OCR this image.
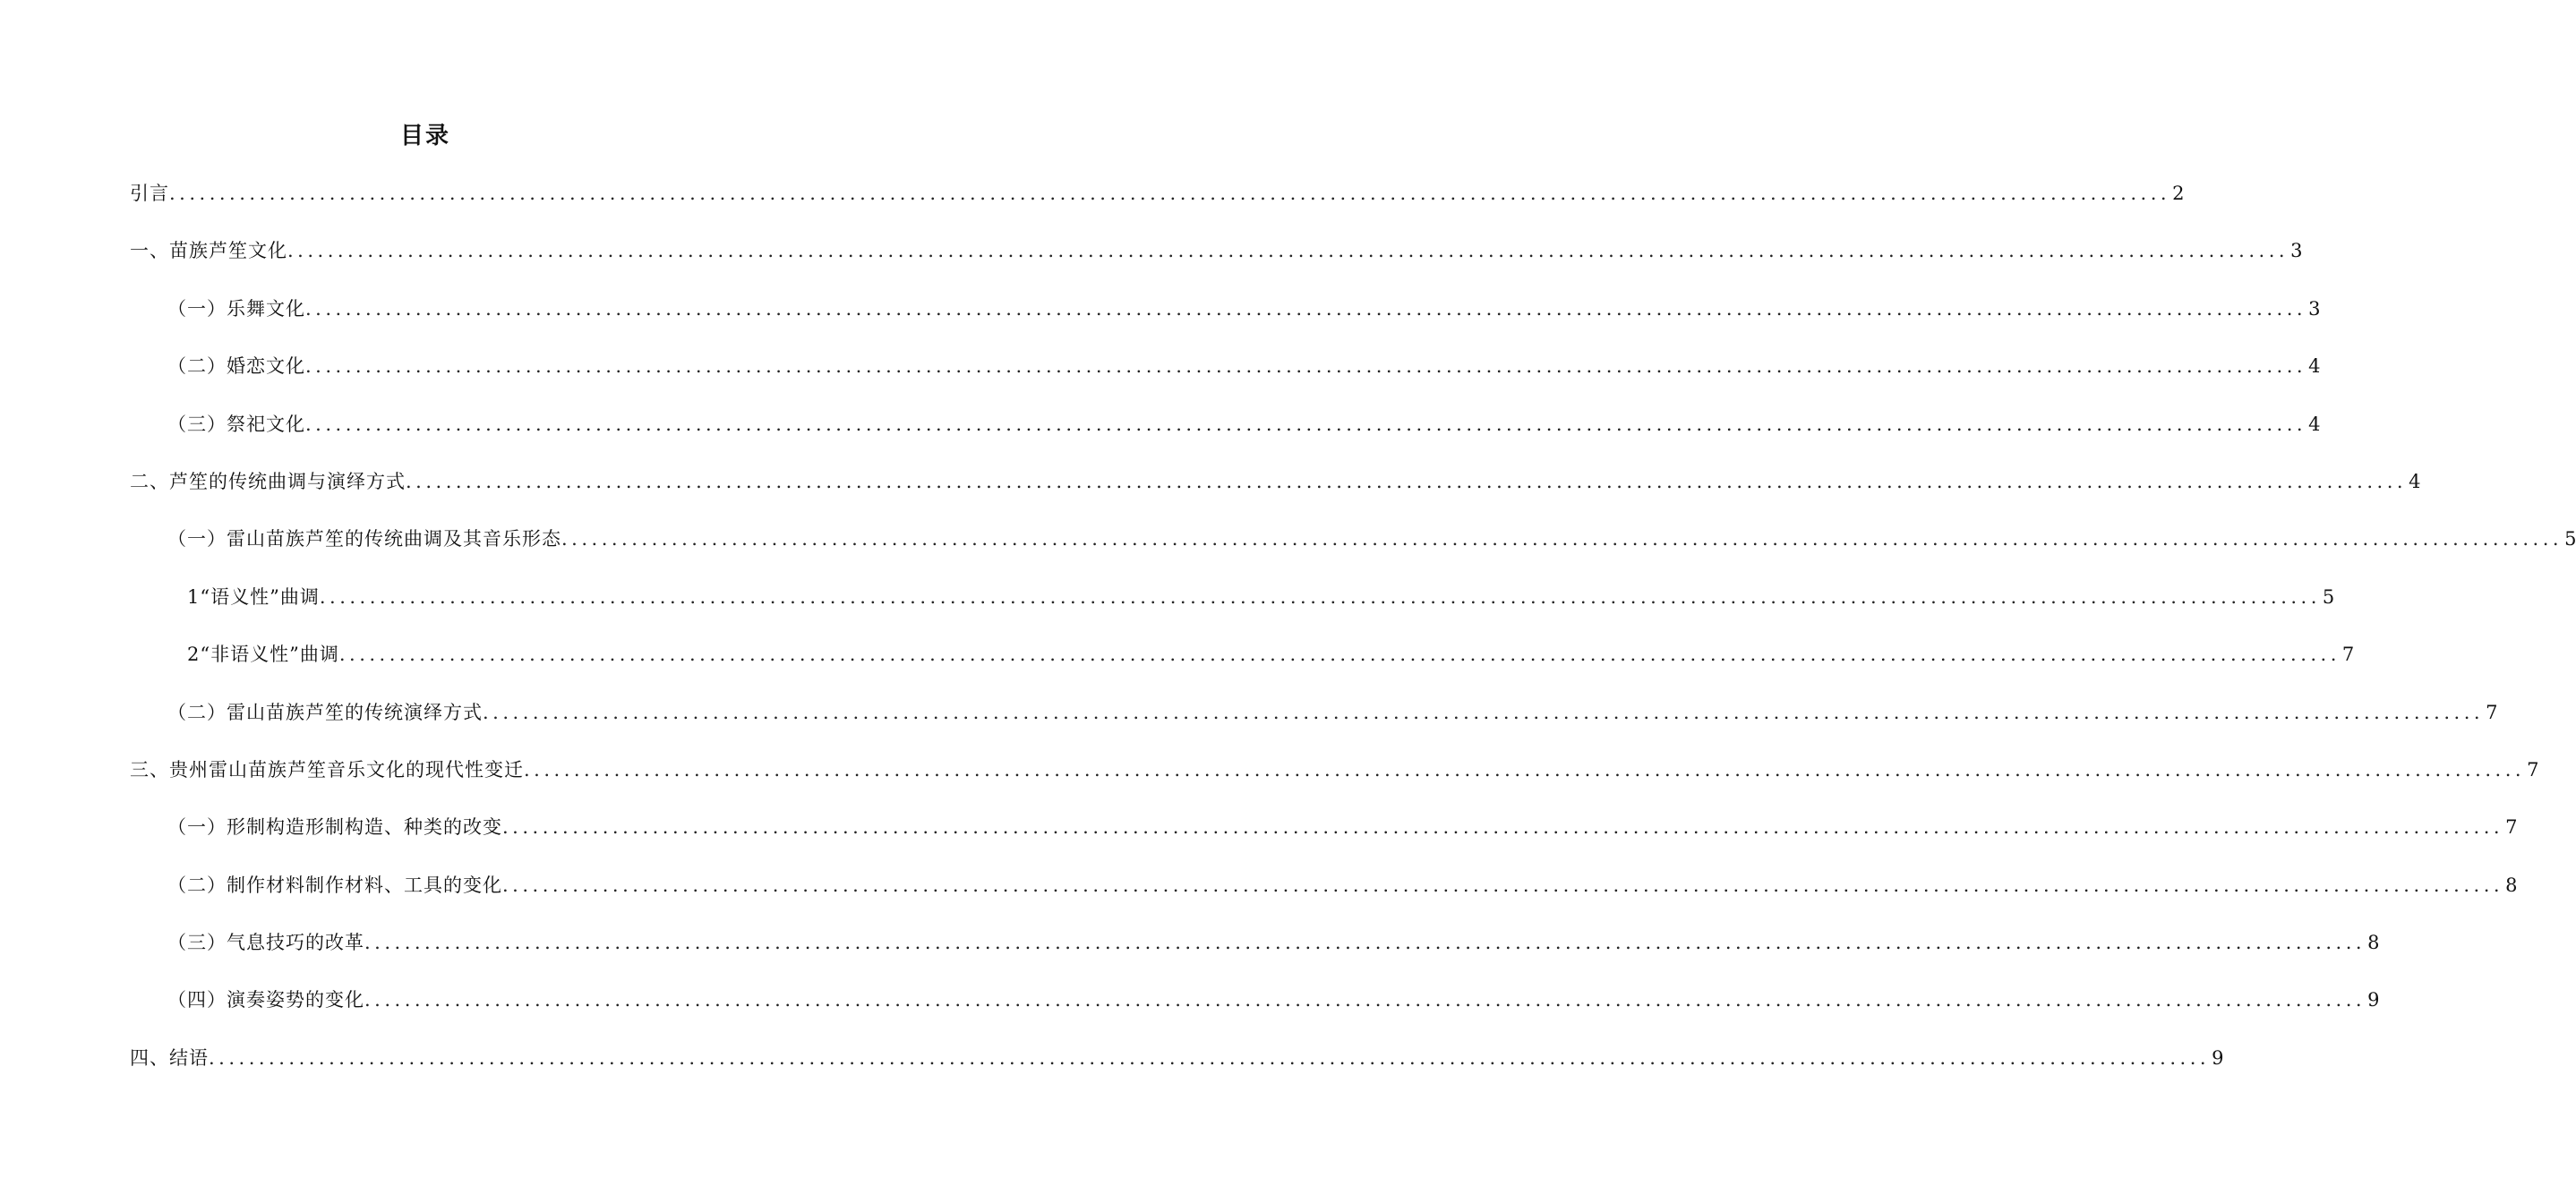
目录
引言 ........................................................................................................................................................................................................ 2
一、苗族芦笙文化 ........................................................................................................................................................................................................ 3
（一）乐舞文化 ........................................................................................................................................................................................................ 3
（二）婚恋文化 ........................................................................................................................................................................................................ 4
（三）祭祀文化 ........................................................................................................................................................................................................ 4
二、芦笙的传统曲调与演绎方式 ........................................................................................................................................................................................................ 4
（一）雷山苗族芦笙的传统曲调及其音乐形态 ........................................................................................................................................................................................................ 5
1“语义性”曲调 ........................................................................................................................................................................................................ 5
2“非语义性”曲调 ........................................................................................................................................................................................................ 7
（二）雷山苗族芦笙的传统演绎方式 ........................................................................................................................................................................................................ 7
三、贵州雷山苗族芦笙音乐文化的现代性变迁 ........................................................................................................................................................................................................ 7
（一）形制构造形制构造、种类的改变 ........................................................................................................................................................................................................ 7
（二）制作材料制作材料、工具的变化 ........................................................................................................................................................................................................ 8
（三）气息技巧的改革 ........................................................................................................................................................................................................ 8
（四）演奏姿势的变化 ........................................................................................................................................................................................................ 9
四、结语 ........................................................................................................................................................................................................ 9
